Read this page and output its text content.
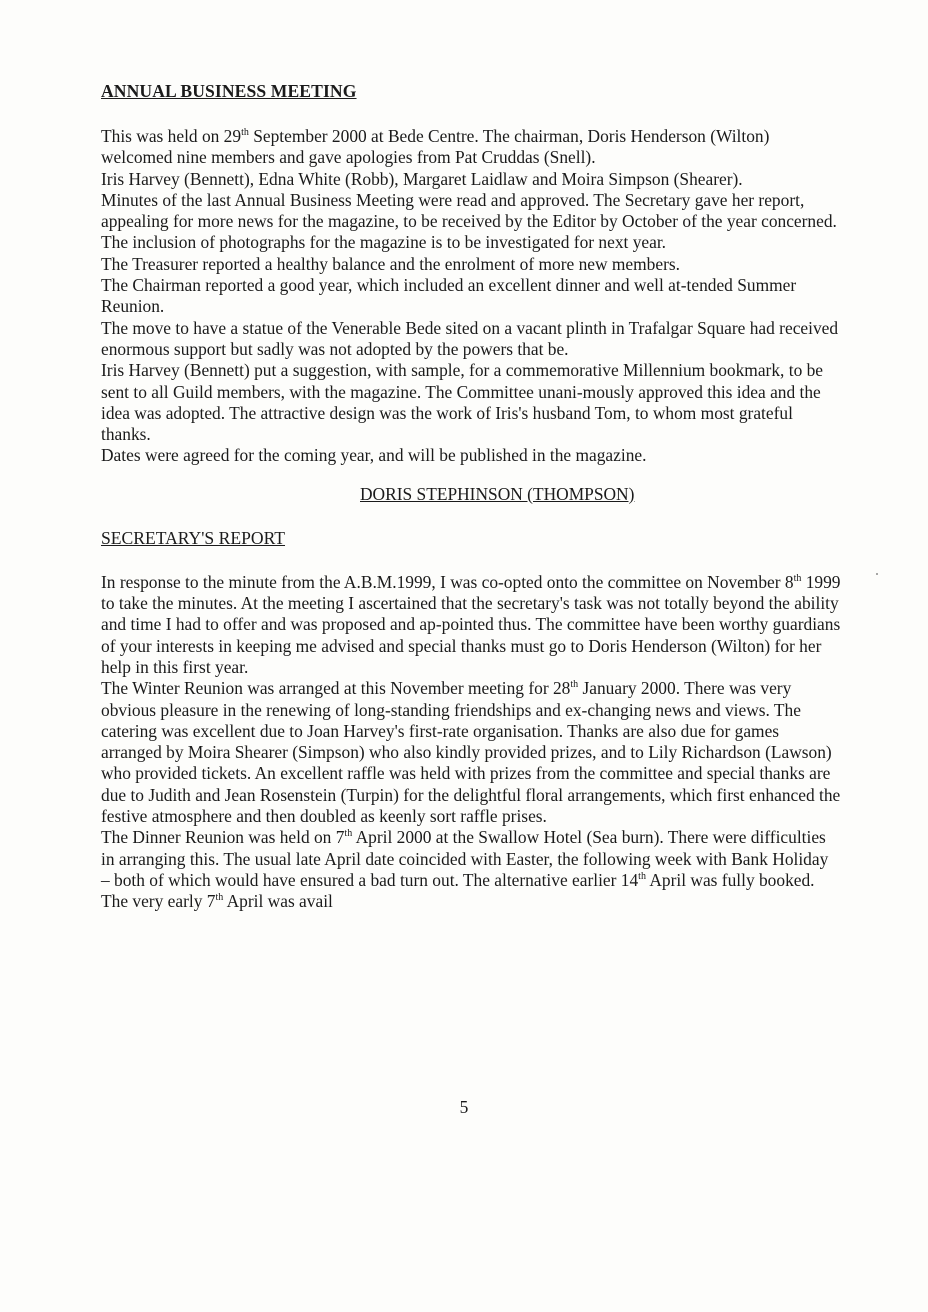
ANNUAL BUSINESS MEETING

This was held on 29th September 2000 at Bede Centre. The chairman, Doris Henderson (Wilton) welcomed nine members and gave apologies from Pat Cruddas (Snell).

Iris Harvey (Bennett), Edna White (Robb), Margaret Laidlaw and Moira Simpson (Shearer).

Minutes of the last Annual Business Meeting were read and approved. The Secretary gave her report, appealing for more news for the magazine, to be received by the Editor by October of the year concerned. The inclusion of photographs for the magazine is to be investigated for next year.

The Treasurer reported a healthy balance and the enrolment of more new members.

The Chairman reported a good year, which included an excellent dinner and well at-tended Summer Reunion.

The move to have a statue of the Venerable Bede sited on a vacant plinth in Trafalgar Square had received enormous support but sadly was not adopted by the powers that be.

Iris Harvey (Bennett) put a suggestion, with sample, for a commemorative Millennium bookmark, to be sent to all Guild members, with the magazine. The Committee unani-mously approved this idea and the idea was adopted. The attractive design was the work of Iris's husband Tom, to whom most grateful thanks.

Dates were agreed for the coming year, and will be published in the magazine.

DORIS STEPHINSON (THOMPSON)

SECRETARY'S REPORT

In response to the minute from the A.B.M.1999, I was co-opted onto the committee on November 8th 1999 to take the minutes. At the meeting I ascertained that the secretary's task was not totally beyond the ability and time I had to offer and was proposed and ap-pointed thus. The committee have been worthy guardians of your interests in keeping me advised and special thanks must go to Doris Henderson (Wilton) for her help in this first year.

The Winter Reunion was arranged at this November meeting for 28th January 2000. There was very obvious pleasure in the renewing of long-standing friendships and ex-changing news and views. The catering was excellent due to Joan Harvey's first-rate organisation. Thanks are also due for games arranged by Moira Shearer (Simpson) who also kindly provided prizes, and to Lily Richardson (Lawson) who provided tickets. An excellent raffle was held with prizes from the committee and special thanks are due to Judith and Jean Rosenstein (Turpin) for the delightful floral arrangements, which first enhanced the festive atmosphere and then doubled as keenly sort raffle prises.

The Dinner Reunion was held on 7th April 2000 at the Swallow Hotel (Sea burn). There were difficulties in arranging this. The usual late April date coincided with Easter, the following week with Bank Holiday – both of which would have ensured a bad turn out. The alternative earlier 14th April was fully booked. The very early 7th April was avail

5
